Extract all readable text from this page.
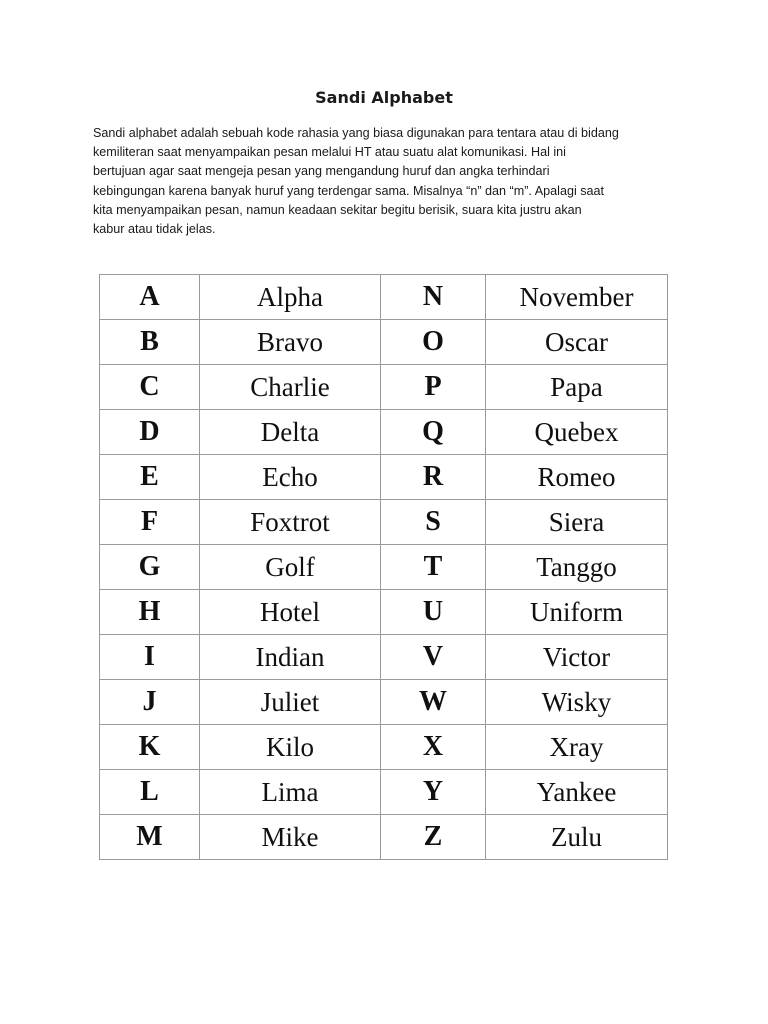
Sandi Alphabet
Sandi alphabet adalah sebuah kode rahasia yang biasa digunakan para tentara atau di bidang
kemiliteran saat menyampaikan pesan melalui HT atau suatu alat komunikasi. Hal ini
bertujuan agar saat mengeja pesan yang mengandung huruf dan angka terhindari
kebingungan karena banyak huruf yang terdengar sama. Misalnya “n” dan “m”. Apalagi saat
kita menyampaikan pesan, namun keadaan sekitar begitu berisik, suara kita justru akan
kabur atau tidak jelas.
A	Alpha	N	November
B	Bravo	O	Oscar
C	Charlie	P	Papa
D	Delta	Q	Quebex
E	Echo	R	Romeo
F	Foxtrot	S	Siera
G	Golf	T	Tanggo
H	Hotel	U	Uniform
I	Indian	V	Victor
J	Juliet	W	Wisky
K	Kilo	X	Xray
L	Lima	Y	Yankee
M	Mike	Z	Zulu
